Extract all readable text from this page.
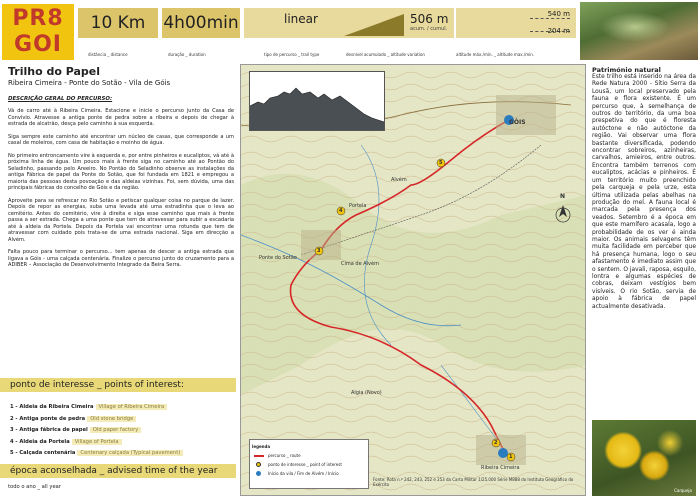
PR8
GOI
10 Km	4h00min	linear	506 m
acum. / cumul.
540 m
204 m
distância _ distance	duração _ duration	tipo de percurso _ trail type	desnível acumulado _ altitude variation	altitude máx./mín. _ altitude max./min.
Trilho do Papel
Ribeira Cimeira - Ponte do Sotão - Vila de Góis
DESCRIÇÃO GERAL DO PERCURSO:

Vá de carro até à Ribeira Cimeira. Estacione e inicie o percurso junto da Casa de Convívio. Atravesse a antiga ponte de pedra sobre a ribeira e depois de chegar à estrada de alcatrão, desça pelo caminho à sua esquerda.

Siga sempre este caminho até encontrar um núcleo de casas, que corresponde a um casal de moleiros, com casa de habitação e moinho de água.

No primeiro entroncamento vire à esquerda e, por entre pinheiros e eucaliptos, vá até à próxima linha de água. Um pouco mais à frente siga no caminho até ao Pontão do Seladinho, passando pelo Areeiro. No Pontão do Seladinho observe as instalações da antiga Fábrica de papel da Ponte do Sotão, que foi fundada em 1821 e empregou a maioria das pessoas desta povoação e das aldeias vizinhas. Foi, sem dúvida, uma das principais fábricas do concelho de Góis e da região.

Aproveite para se refrescar no Rio Sotão e petiscar qualquer coisa no parque de lazer. Depois de repor as energias, suba uma levada até uma estradinha que o leva ao cemitério. Antes do cemitério, vire à direita e siga esse caminho que mais à frente passa a ser estrada. Chega a uma ponte que tem de atravessar para subir a escadaria até à aldeia da Portela. Depois da Portela vai encontrar uma rotunda que tem de atravessar com cuidado pois trata-se de uma estrada nacional. Siga em direcção a Alvém.

Falta pouco para terminar o percurso... tem apenas de descer a antiga estrada que ligava a Góis - uma calçada centenária. Finalize o percurso junto do cruzamento para a ADIBER – Associação de Desenvolvimento Integrado da Beira Serra.

ponto de interesse _ points of interest:
1 - Aldeia da Ribeira Cimeira Village of Ribeira Cimeira
2 - Antiga ponte de pedra Old stone bridge
3 - Antiga fábrica de papel Old paper factory
4 - Aldeia da Portela Village of Portela
5 - Calçada centenária Centenary calçada (Typical pavement)
época aconselhada _ advised time of the year
todo o ano _ all year
GÓIS
Ponte do Sotão
Cima de Alvém
Portela
Alvém
Ribeira Cimeira
Algia (Novo)
5
4
3
2
1
N
legenda
percurso _ route
ponto de interesse _ point of interest
Início da vila / Fim de Alvém / Início
Fonte: Rota n.º 242, 243, 252 e 253 da Carta Militar 1/25.000 Série M888 do Instituto Geográfico do Exército
Património natural

Este trilho está inserido na área da Rede Natura 2000 - Sítio Serra da Lousã, um local preservado pela fauna e flora existente. É um percurso que, à semelhança de outros do território, da uma boa prespetiva do que é floresta autóctone e não autóctone da região. Vai observar uma flora bastante diversificada, podendo encontrar sobreiros, azinheiras, carvalhos, amieiros, entre outros. Encontra também terrenos com eucaliptos, acácias e pinheiros. É um território muito preenchido pela carqueja e pela urze, esta última utilizada pelas abelhas na produção do mel. A fauna local é marcada pela presença dos veados. Setembro é a época em que este mamífero acasala, logo a probabilidade de os ver é ainda maior. Os animais selvagens têm muita facilidade em perceber que há presença humana, logo o seu afastamento é imediato assim que o sentem. O javali, raposa, esquilo, lontra e algumas espécies de cobras, deixam vestígios bem visíveis. O rio Sotão, servia de apoio à fábrica de papel actualmente desativada.

Carqueja
